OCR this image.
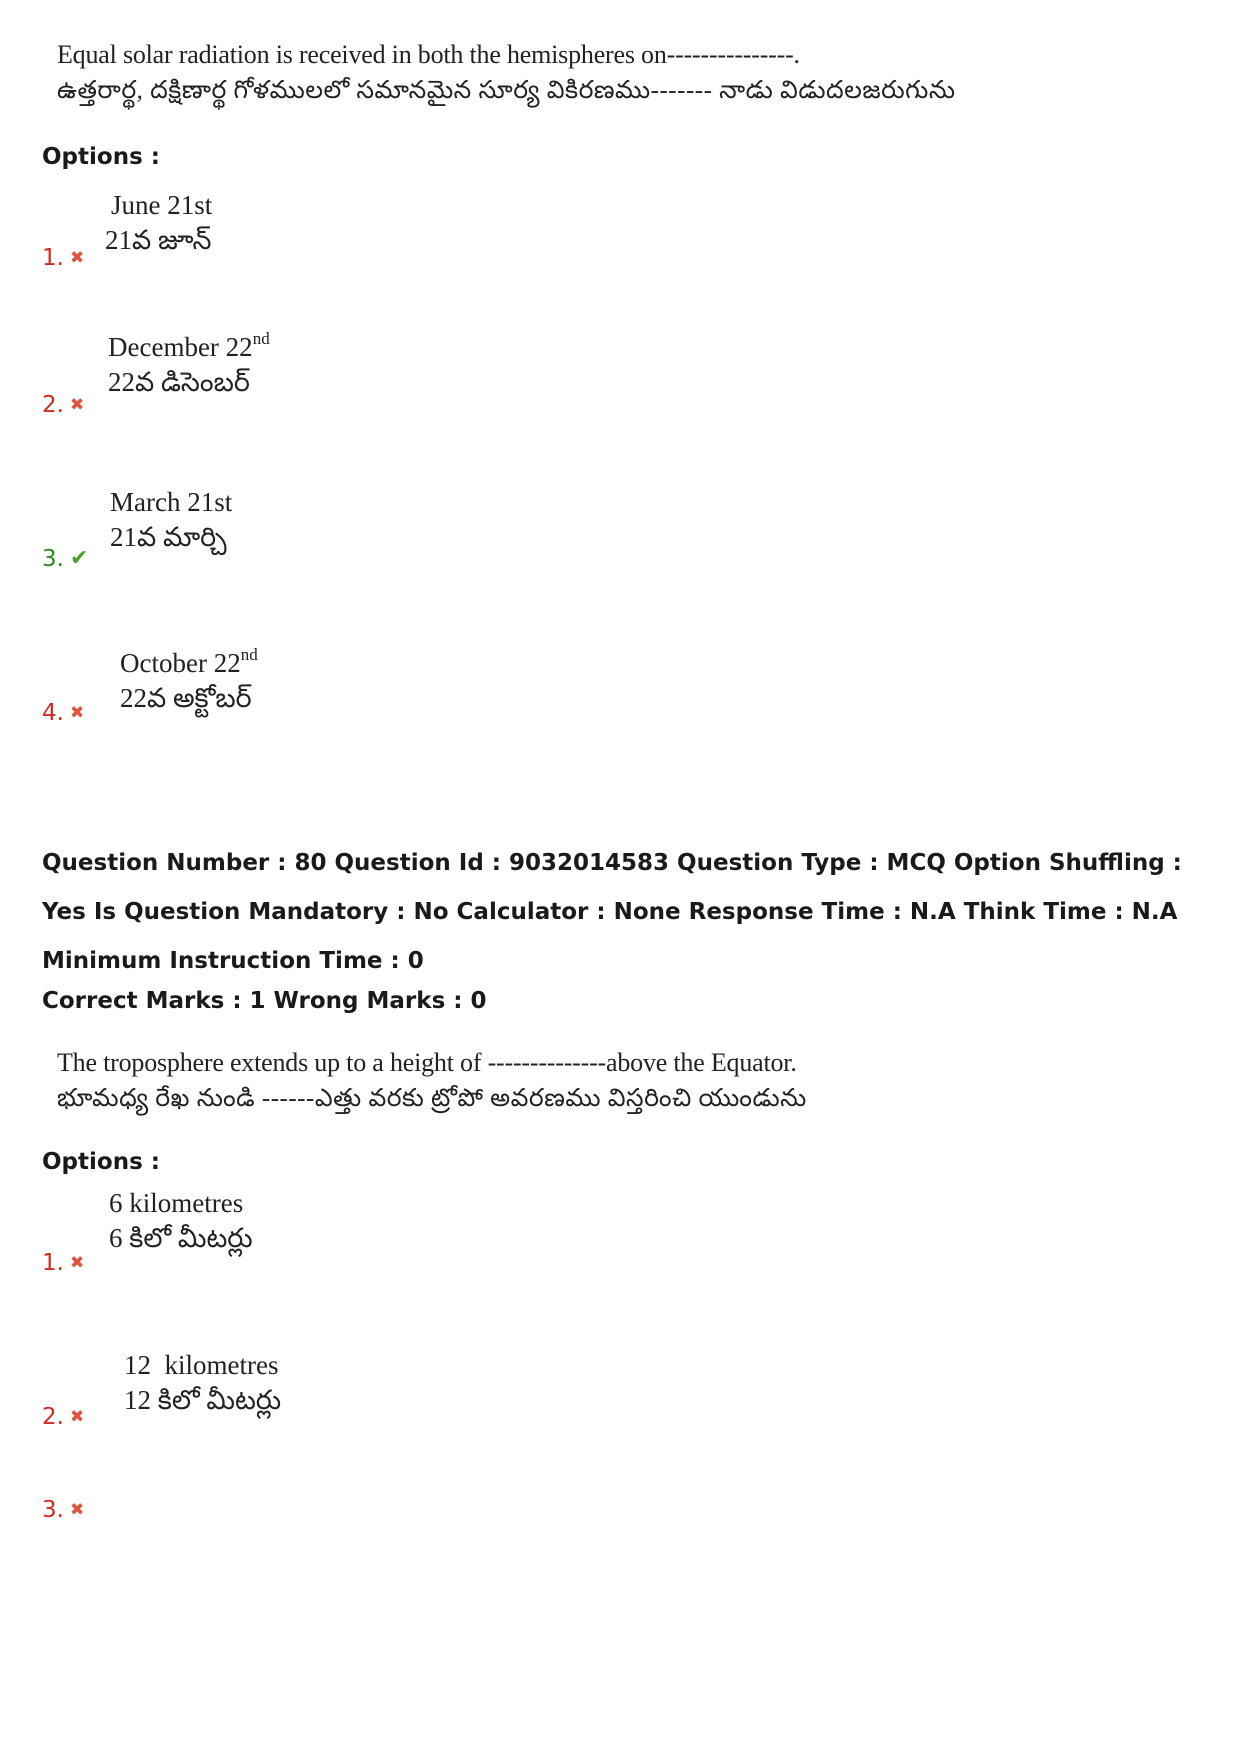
Equal solar radiation is received in both the hemispheres on---------------.
ఉత్తరార్థ, దక్షిణార్థ గోళములలో సమానమైన సూర్య వికిరణము------- నాడు విడుదలజరుగును
Options :
June 21st
21వ జూన్
1. ✖
December 22nd
22వ డిసెంబర్
2. ✖
March 21st
21వ మార్చి
3. ✔
October 22nd
22వ అక్టోబర్
4. ✖
Question Number : 80 Question Id : 9032014583 Question Type : MCQ Option Shuffling : Yes Is Question Mandatory : No Calculator : None Response Time : N.A Think Time : N.A Minimum Instruction Time : 0
Correct Marks : 1 Wrong Marks : 0
The troposphere extends up to a height of --------------above the Equator.
భూమధ్య రేఖ నుండి ------ఎత్తు వరకు ట్రోపో అవరణము విస్తరించి యుండును
Options :
6 kilometres
6 కిలో మీటర్లు
1. ✖
12  kilometres
12 కిలో మీటర్లు
2. ✖
3. ✖
